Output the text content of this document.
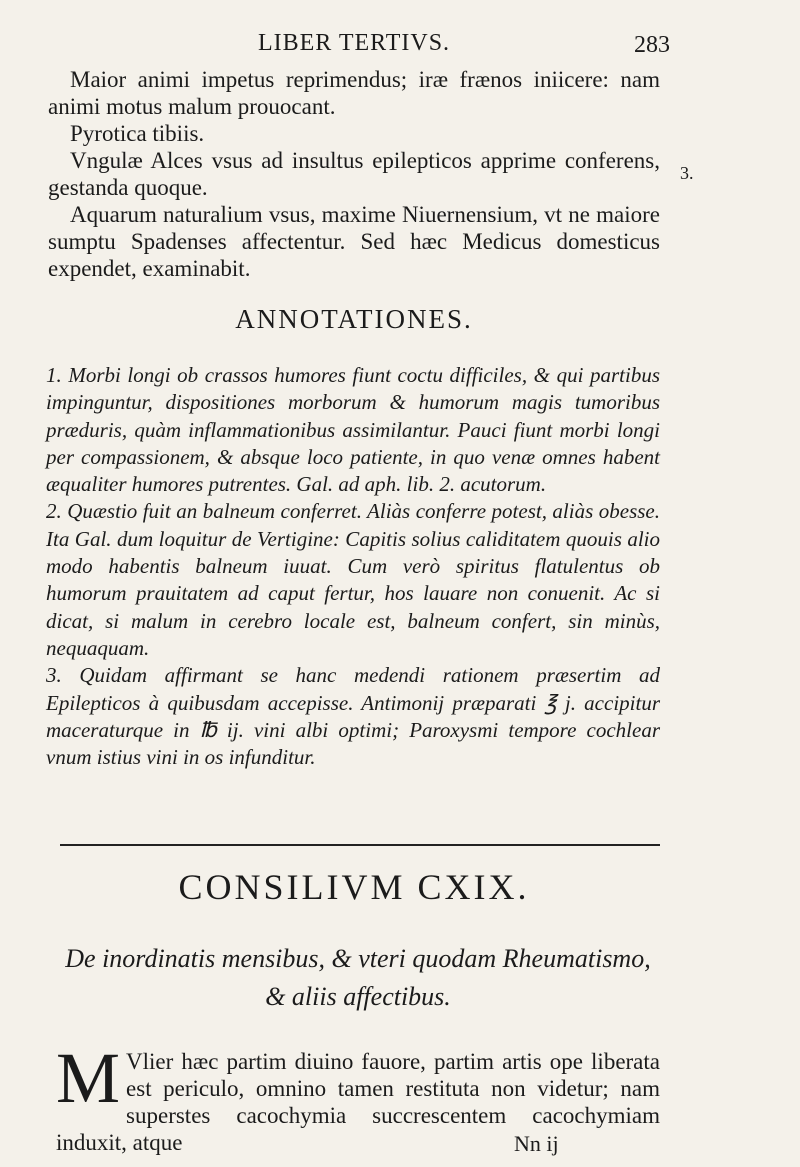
LIBER TERTIVS.	283
3.

Maior animi impetus reprimendus; iræ frænos iniicere: nam animi motus malum prouocant.

Pyrotica tibiis.

Vngulæ Alces vsus ad insultus epilepticos apprime conferens, gestanda quoque.

Aquarum naturalium vsus, maxime Niuernensium, vt ne maiore sumptu Spadenses affectentur. Sed hæc Medicus domesticus expendet, examinabit.

ANNOTATIONES.

1. Morbi longi ob crassos humores fiunt coctu difficiles, & qui partibus impinguntur, dispositiones morborum & humorum magis tumoribus præduris, quàm inflammationibus assimilantur. Pauci fiunt morbi longi per compassionem, & absque loco patiente, in quo venæ omnes habent æqualiter humores putrentes. Gal. ad aph. lib. 2. acutorum.

2. Quæstio fuit an balneum conferret. Aliàs conferre potest, aliàs obesse. Ita Gal. dum loquitur de Vertigine: Capitis solius caliditatem quouis alio modo habentis balneum iuuat. Cum verò spiritus flatulentus ob humorum prauitatem ad caput fertur, hos lauare non conuenit. Ac si dicat, si malum in cerebro locale est, balneum confert, sin minùs, nequaquam.

3. Quidam affirmant se hanc medendi rationem præsertim ad Epilepticos à quibusdam accepisse. Antimonij præparati ℥ j. accipitur maceraturque in ℔ ij. vini albi optimi; Paroxysmi tempore cochlear vnum istius vini in os infunditur.

CONSILIVM CXIX.
De inordinatis mensibus, & vteri quodam Rheumatismo, & aliis affectibus.
M Vlier hæc partim diuino fauore, partim artis ope liberata est periculo, omnino tamen restituta non videtur; nam superstes cacochymia succrescentem cacochymiam induxit, atque	Nn ij
